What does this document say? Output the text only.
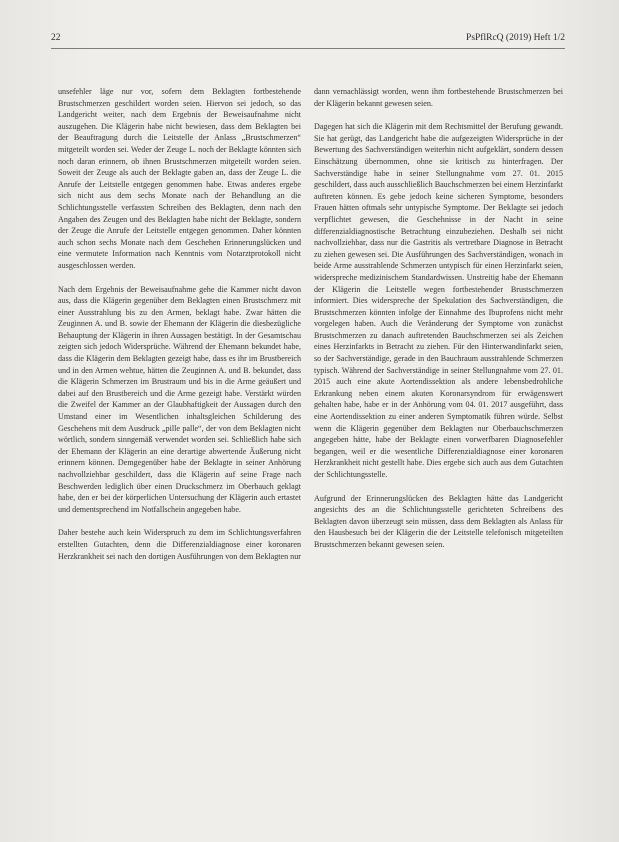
22	PsPflRcQ (2019) Heft 1/2

unsefehler läge nur vor, sofern dem Beklagten fortbestehende Brustschmerzen geschildert worden seien. Hiervon sei jedoch, so das Landgericht weiter, nach dem Ergebnis der Beweisaufnahme nicht auszugehen. Die Klägerin habe nicht bewiesen, dass dem Beklagten bei der Beauftragung durch die Leitstelle der Anlass „Brustschmerzen“ mitgeteilt worden sei. Weder der Zeuge L. noch der Beklagte könnten sich noch daran erinnern, ob ihnen Brustschmerzen mitgeteilt worden seien. Soweit der Zeuge als auch der Beklagte gaben an, dass der Zeuge L. die Anrufe der Leitstelle entgegen genommen habe. Etwas anderes ergebe sich nicht aus dem sechs Monate nach der Behandlung an die Schlichtungsstelle verfassten Schreiben des Beklagten, denn nach den Angaben des Zeugen und des Beklagten habe nicht der Beklagte, sondern der Zeuge die Anrufe der Leitstelle entgegen genommen. Daher könnten auch schon sechs Monate nach dem Geschehen Erinnerungslücken und eine vermutete Information nach Kenntnis vom Notarztprotokoll nicht ausgeschlossen werden.

Nach dem Ergebnis der Beweisaufnahme gehe die Kammer nicht davon aus, dass die Klägerin gegenüber dem Beklagten einen Brustschmerz mit einer Ausstrahlung bis zu den Armen, beklagt habe. Zwar hätten die Zeuginnen A. und B. sowie der Ehemann der Klägerin die diesbezügliche Behauptung der Klägerin in ihren Aussagen bestätigt. In der Gesamtschau zeigten sich jedoch Widersprüche. Während der Ehemann bekundet habe, dass die Klägerin dem Beklagten gezeigt habe, dass es ihr im Brustbereich und in den Armen wehtue, hätten die Zeuginnen A. und B. bekundet, dass die Klägerin Schmerzen im Brustraum und bis in die Arme geäußert und dabei auf den Brustbereich und die Arme gezeigt habe. Verstärkt würden die Zweifel der Kammer an der Glaubhaftigkeit der Aussagen durch den Umstand einer im Wesentlichen inhaltsgleichen Schilderung des Geschehens mit dem Ausdruck „pille palle“, der von dem Beklagten nicht wörtlich, sondern sinngemäß verwendet worden sei. Schließlich habe sich der Ehemann der Klägerin an eine derartige abwertende Äußerung nicht erinnern können. Demgegenüber habe der Beklagte in seiner Anhörung nachvollziehbar geschildert, dass die Klägerin auf seine Frage nach Beschwerden lediglich über einen Druckschmerz im Oberbauch geklagt habe, den er bei der körperlichen Untersuchung der Klägerin auch ertastet und dementsprechend im Notfallschein angegeben habe.

Daher bestehe auch kein Widerspruch zu dem im Schlichtungsverfahren erstellten Gutachten, denn die Differenzialdiagnose einer koronaren Herzkrankheit sei nach den dortigen Ausführungen von dem Beklagten nur

dann vernachlässigt worden, wenn ihm fortbestehende Brustschmerzen bei der Klägerin bekannt gewesen seien.

Dagegen hat sich die Klägerin mit dem Rechtsmittel der Berufung gewandt. Sie hat gerügt, das Landgericht habe die aufgezeigten Widersprüche in der Bewertung des Sachverständigen weiterhin nicht aufgeklärt, sondern dessen Einschätzung übernommen, ohne sie kritisch zu hinterfragen. Der Sachverständige habe in seiner Stellungnahme vom 27. 01. 2015 geschildert, dass auch ausschließlich Bauchschmerzen bei einem Herzinfarkt auftreten können. Es gebe jedoch keine sicheren Symptome, besonders Frauen hätten oftmals sehr untypische Symptome. Der Beklagte sei jedoch verpflichtet gewesen, die Geschehnisse in der Nacht in seine differenzialdiagnostische Betrachtung einzubeziehen. Deshalb sei nicht nachvollziehbar, dass nur die Gastritis als vertretbare Diagnose in Betracht zu ziehen gewesen sei. Die Ausführungen des Sachverständigen, wonach in beide Arme ausstrahlende Schmerzen untypisch für einen Herzinfarkt seien, widerspreche medizinischem Standardwissen. Unstreitig habe der Ehemann der Klägerin die Leitstelle wegen fortbestehender Brustschmerzen informiert. Dies widerspreche der Spekulation des Sachverständigen, die Brustschmerzen könnten infolge der Einnahme des Ibuprofens nicht mehr vorgelegen haben. Auch die Veränderung der Symptome von zunächst Brustschmerzen zu danach auftretenden Bauchschmerzen sei als Zeichen eines Herzinfarkts in Betracht zu ziehen. Für den Hinterwandinfarkt seien, so der Sachverständige, gerade in den Bauchraum ausstrahlende Schmerzen typisch. Während der Sachverständige in seiner Stellungnahme vom 27. 01. 2015 auch eine akute Aortendissektion als andere lebensbedrohliche Erkrankung neben einem akuten Koronarsyndrom für erwägenswert gehalten habe, habe er in der Anhörung vom 04. 01. 2017 ausgeführt, dass eine Aortendissektion zu einer anderen Symptomatik führen würde. Selbst wenn die Klägerin gegenüber dem Beklagten nur Oberbauchschmerzen angegeben hätte, habe der Beklagte einen vorwerfbaren Diagnosefehler begangen, weil er die wesentliche Differenzialdiagnose einer koronaren Herzkrankheit nicht gestellt habe. Dies ergebe sich auch aus dem Gutachten der Schlichtungsstelle.

Aufgrund der Erinnerungslücken des Beklagten hätte das Landgericht angesichts des an die Schlichtungsstelle gerichteten Schreibens des Beklagten davon überzeugt sein müssen, dass dem Beklagten als Anlass für den Hausbesuch bei der Klägerin die der Leitstelle telefonisch mitgeteilten Brustschmerzen bekannt gewesen seien.
